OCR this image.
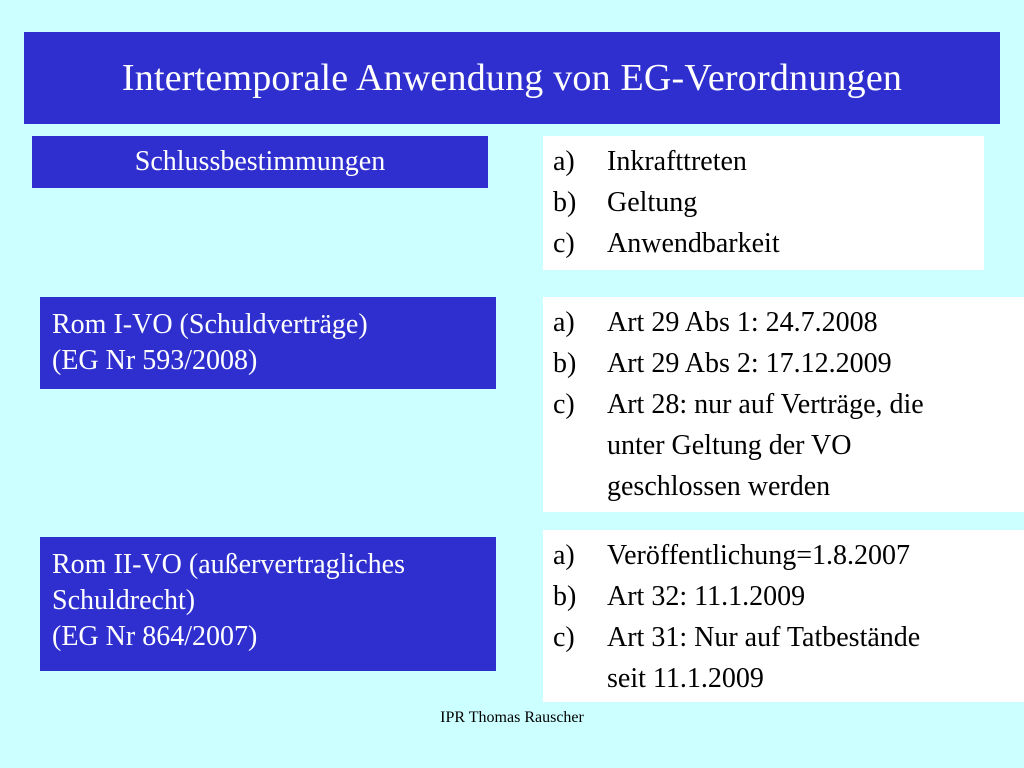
Intertemporale Anwendung von EG-Verordnungen
Schlussbestimmungen	a)	Inkrafttreten
b)	Geltung
c)	Anwendbarkeit
Rom I-VO (Schuldverträge)
(EG Nr 593/2008)
a)	Art 29 Abs 1: 24.7.2008
b)	Art 29 Abs 2: 17.12.2009
c)	Art 28: nur auf Verträge, die
unter Geltung der VO
geschlossen werden
Rom II-VO (außervertragliches
Schuldrecht)
(EG Nr 864/2007)
a)	Veröffentlichung=1.8.2007
b)	Art 32: 11.1.2009
c)	Art 31: Nur auf Tatbestände
seit 11.1.2009
IPR Thomas Rauscher
